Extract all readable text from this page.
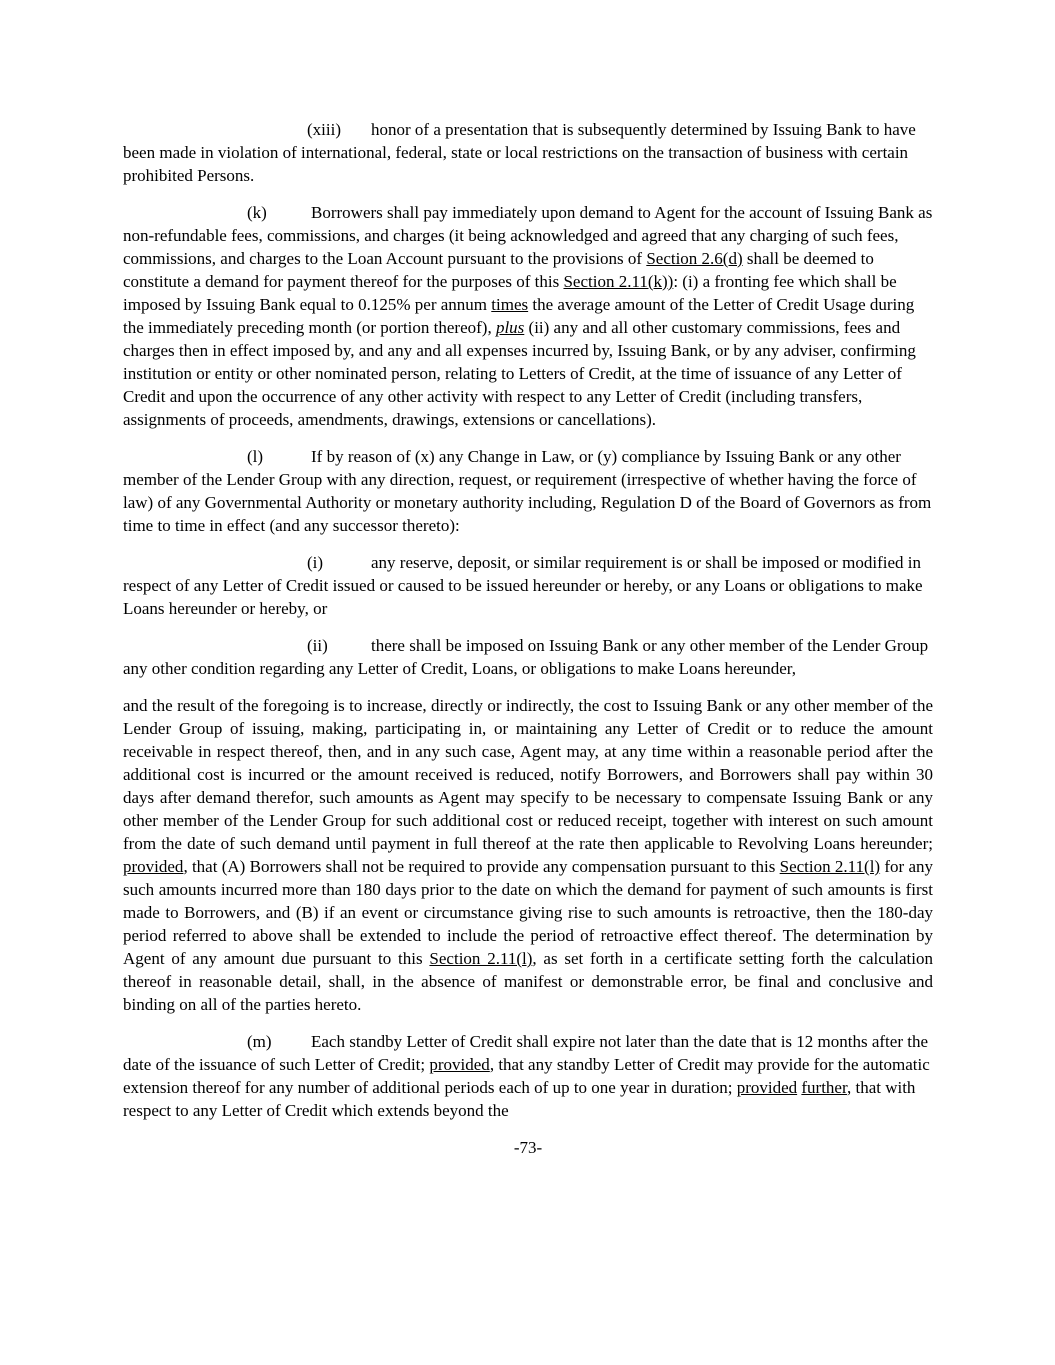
(xiii) honor of a presentation that is subsequently determined by Issuing Bank to have been made in violation of international, federal, state or local restrictions on the transaction of business with certain prohibited Persons.

(k)	Borrowers shall pay immediately upon demand to Agent for the account of Issuing Bank as non-refundable fees, commissions, and charges (it being acknowledged and agreed that any charging of such fees, commissions, and charges to the Loan Account pursuant to the provisions of Section 2.6(d) shall be deemed to constitute a demand for payment thereof for the purposes of this Section 2.11(k)): (i) a fronting fee which shall be imposed by Issuing Bank equal to 0.125% per annum times the average amount of the Letter of Credit Usage during the immediately preceding month (or portion thereof), plus (ii) any and all other customary commissions, fees and charges then in effect imposed by, and any and all expenses incurred by, Issuing Bank, or by any adviser, confirming institution or entity or other nominated person, relating to Letters of Credit, at the time of issuance of any Letter of Credit and upon the occurrence of any other activity with respect to any Letter of Credit (including transfers, assignments of proceeds, amendments, drawings, extensions or cancellations).

(l)	If by reason of (x) any Change in Law, or (y) compliance by Issuing Bank or any other member of the Lender Group with any direction, request, or requirement (irrespective of whether having the force of law) of any Governmental Authority or monetary authority including, Regulation D of the Board of Governors as from time to time in effect (and any successor thereto):

(i)	any reserve, deposit, or similar requirement is or shall be imposed or modified in respect of any Letter of Credit issued or caused to be issued hereunder or hereby, or any Loans or obligations to make Loans hereunder or hereby, or

(ii)	there shall be imposed on Issuing Bank or any other member of the Lender Group any other condition regarding any Letter of Credit, Loans, or obligations to make Loans hereunder,

and the result of the foregoing is to increase, directly or indirectly, the cost to Issuing Bank or any other member of the Lender Group of issuing, making, participating in, or maintaining any Letter of Credit or to reduce the amount receivable in respect thereof, then, and in any such case, Agent may, at any time within a reasonable period after the additional cost is incurred or the amount received is reduced, notify Borrowers, and Borrowers shall pay within 30 days after demand therefor, such amounts as Agent may specify to be necessary to compensate Issuing Bank or any other member of the Lender Group for such additional cost or reduced receipt, together with interest on such amount from the date of such demand until payment in full thereof at the rate then applicable to Revolving Loans hereunder; provided, that (A) Borrowers shall not be required to provide any compensation pursuant to this Section 2.11(l) for any such amounts incurred more than 180 days prior to the date on which the demand for payment of such amounts is first made to Borrowers, and (B) if an event or circumstance giving rise to such amounts is retroactive, then the 180-day period referred to above shall be extended to include the period of retroactive effect thereof. The determination by Agent of any amount due pursuant to this Section 2.11(l), as set forth in a certificate setting forth the calculation thereof in reasonable detail, shall, in the absence of manifest or demonstrable error, be final and conclusive and binding on all of the parties hereto.

(m) Each standby Letter of Credit shall expire not later than the date that is 12 months after the date of the issuance of such Letter of Credit; provided, that any standby Letter of Credit may provide for the automatic extension thereof for any number of additional periods each of up to one year in duration; provided further, that with respect to any Letter of Credit which extends beyond the

-73-
